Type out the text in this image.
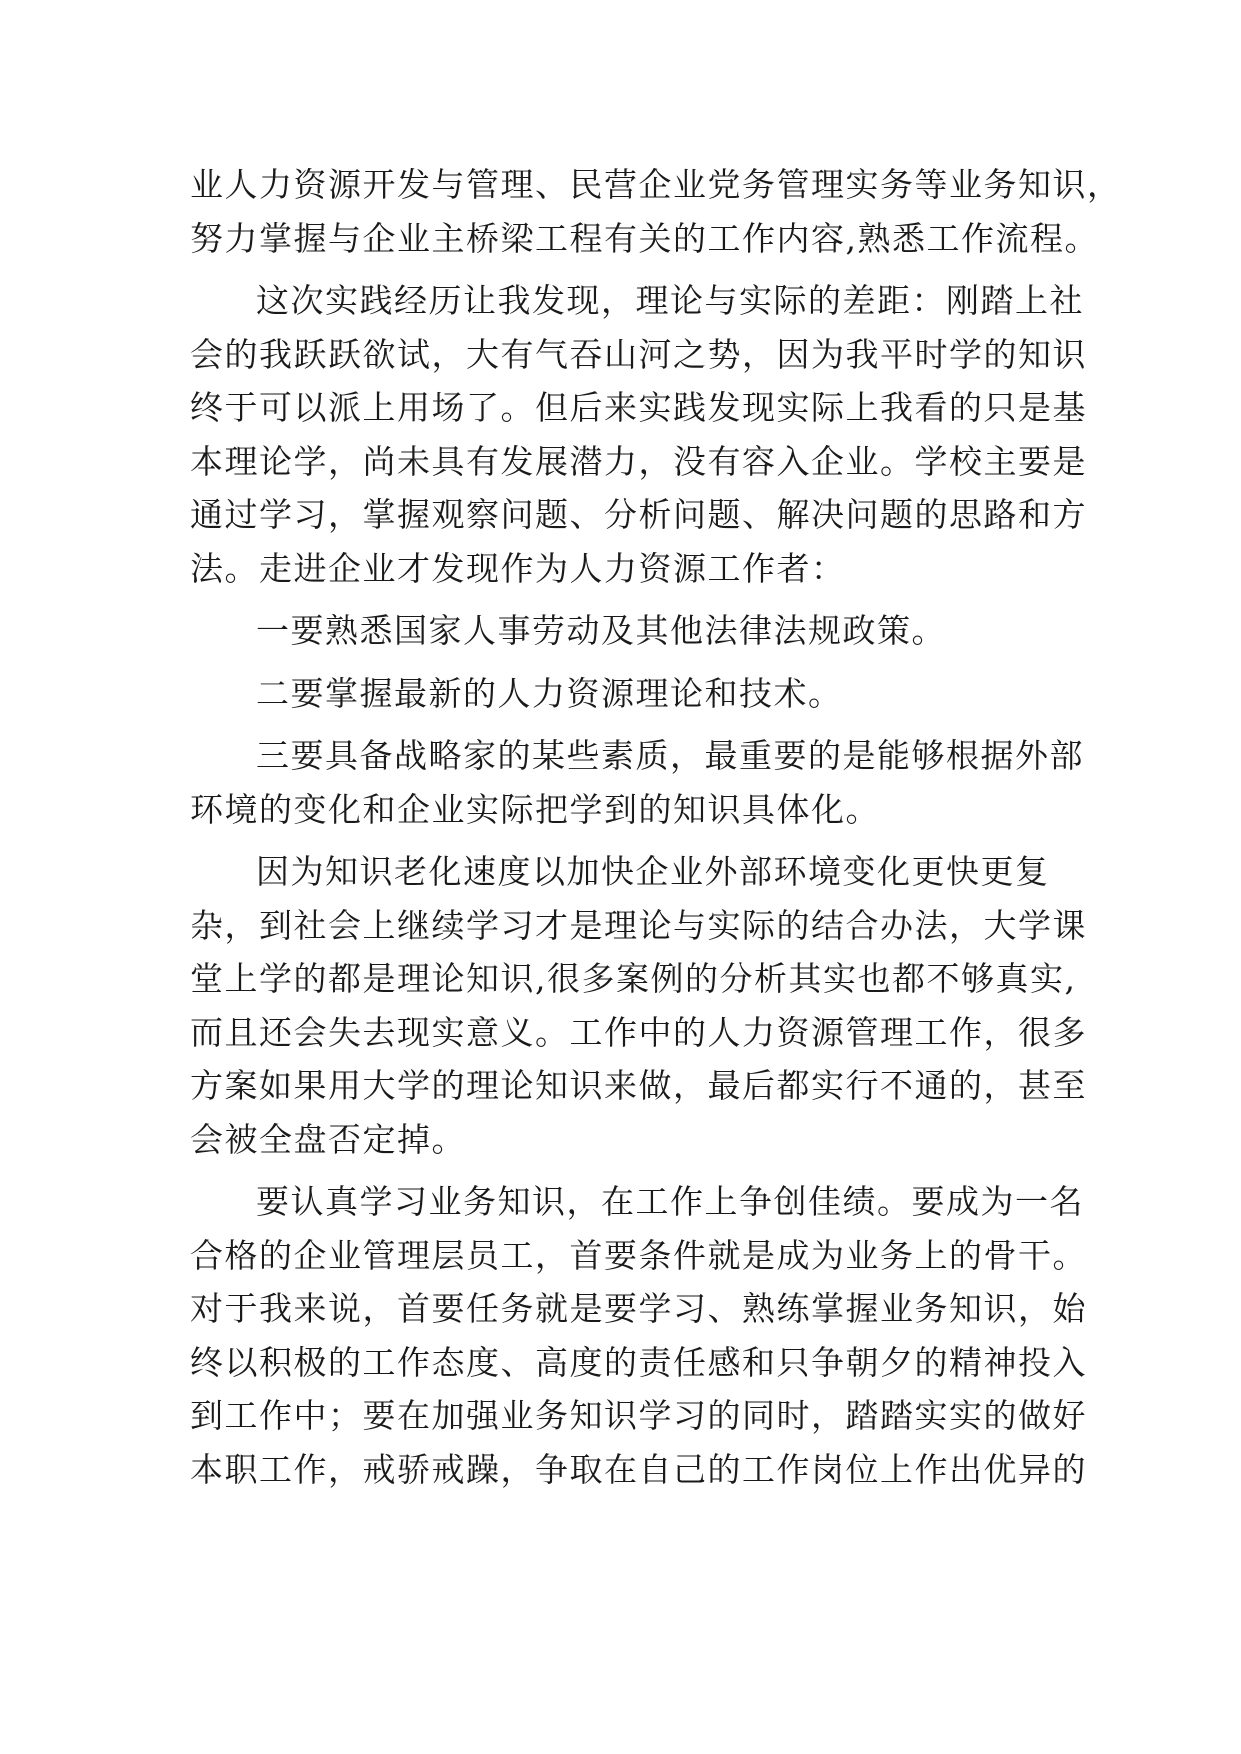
业人力资源开发与管理、民营企业党务管理实务等业务知识，
努力掌握与企业主桥梁工程有关的工作内容,熟悉工作流程。
这次实践经历让我发现，理论与实际的差距：刚踏上社
会的我跃跃欲试，大有气吞山河之势，因为我平时学的知识
终于可以派上用场了。但后来实践发现实际上我看的只是基
本理论学，尚未具有发展潜力，没有容入企业。学校主要是
通过学习，掌握观察问题、分析问题、解决问题的思路和方
法。走进企业才发现作为人力资源工作者：
一要熟悉国家人事劳动及其他法律法规政策。
二要掌握最新的人力资源理论和技术。
三要具备战略家的某些素质，最重要的是能够根据外部
环境的变化和企业实际把学到的知识具体化。
因为知识老化速度以加快企业外部环境变化更快更复
杂，到社会上继续学习才是理论与实际的结合办法，大学课
堂上学的都是理论知识,很多案例的分析其实也都不够真实,
而且还会失去现实意义。工作中的人力资源管理工作，很多
方案如果用大学的理论知识来做，最后都实行不通的，甚至
会被全盘否定掉。
要认真学习业务知识，在工作上争创佳绩。要成为一名
合格的企业管理层员工，首要条件就是成为业务上的骨干。
对于我来说，首要任务就是要学习、熟练掌握业务知识，始
终以积极的工作态度、高度的责任感和只争朝夕的精神投入
到工作中；要在加强业务知识学习的同时，踏踏实实的做好
本职工作，戒骄戒躁，争取在自己的工作岗位上作出优异的
